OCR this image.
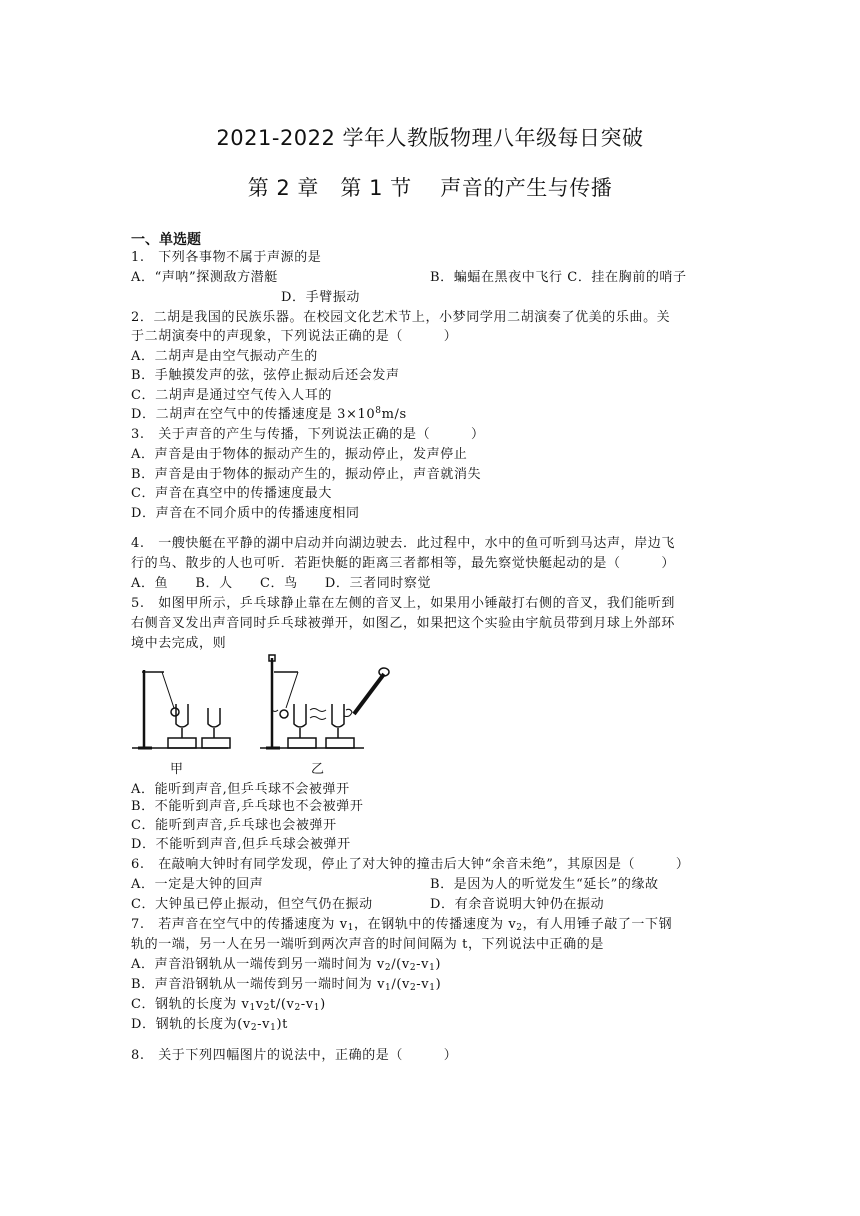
2021-2022 学年人教版物理八年级每日突破
第 2 章　第 1 节　 声音的产生与传播
一、单选题
1.　下列各事物不属于声源的是
A．“声呐”探测敌方潜艇	B．蝙蝠在黑夜中飞行 C．挂在胸前的哨子
D．手臂振动
2．二胡是我国的民族乐器。在校园文化艺术节上，小梦同学用二胡演奏了优美的乐曲。关
于二胡演奏中的声现象，下列说法正确的是（　　　）
A．二胡声是由空气振动产生的
B．手触摸发声的弦，弦停止振动后还会发声
C．二胡声是通过空气传入人耳的
D．二胡声在空气中的传播速度是 $3\times 10^8m/s$
3.　关于声音的产生与传播，下列说法正确的是（　　　）
A．声音是由于物体的振动产生的，振动停止，发声停止
B．声音是由于物体的振动产生的，振动停止，声音就消失
C．声音在真空中的传播速度最大
D．声音在不同介质中的传播速度相同
4.　一艘快艇在平静的湖中启动并向湖边驶去．此过程中，水中的鱼可听到马达声，岸边飞
行的鸟、散步的人也可听．若距快艇的距离三者都相等，最先察觉快艇起动的是（　　　）
A．鱼　　B．人　　C．鸟　　D．三者同时察觉
5.　如图甲所示，乒乓球静止靠在左侧的音叉上，如果用小锤敲打右侧的音叉，我们能听到
右侧音叉发出声音同时乒乓球被弹开，如图乙，如果把这个实验由宇航员带到月球上外部环
境中去完成，则
甲	乙
A．能听到声音,但乒乓球不会被弹开
B．不能听到声音,乒乓球也不会被弹开
C．能听到声音,乒乓球也会被弹开
D．不能听到声音,但乒乓球会被弹开
6.　在敲响大钟时有同学发现，停止了对大钟的撞击后大钟“余音未绝”，其原因是（　　　）
A．一定是大钟的回声	B．是因为人的听觉发生“延长”的缘故
C．大钟虽已停止振动，但空气仍在振动	D．有余音说明大钟仍在振动
7.　若声音在空气中的传播速度为 $v_1$，在钢轨中的传播速度为 $v_2$，有人用锤子敲了一下钢
轨的一端，另一人在另一端听到两次声音的时间间隔为 t，下列说法中正确的是
A．声音沿钢轨从一端传到另一端时间为 $v_2/(v_2-v_1)$
B．声音沿钢轨从一端传到另一端时间为 $v_1/(v_2-v_1)$
C．钢轨的长度为 $v_1v_2t/(v_2-v_1)$
D．钢轨的长度为$(v_2-v_1)t$
8.　关于下列四幅图片的说法中，正确的是（　　　）
